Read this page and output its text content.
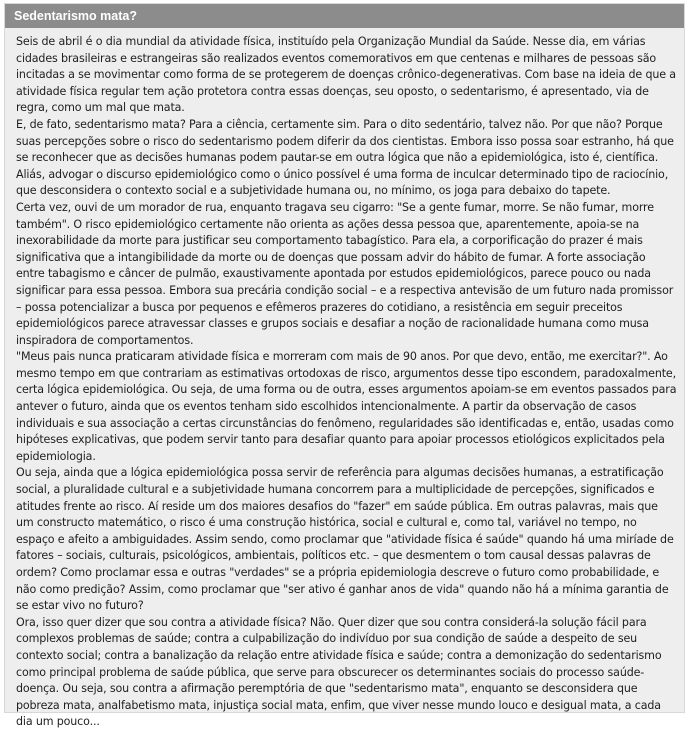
Sedentarismo mata?

Seis de abril é o dia mundial da atividade física, instituído pela Organização Mundial da Saúde. Nesse dia, em várias cidades brasileiras e estrangeiras são realizados eventos comemorativos em que centenas e milhares de pessoas são incitadas a se movimentar como forma de se protegerem de doenças crônico-degenerativas. Com base na ideia de que a atividade física regular tem ação protetora contra essas doenças, seu oposto, o sedentarismo, é apresentado, via de regra, como um mal que mata.

E, de fato, sedentarismo mata? Para a ciência, certamente sim. Para o dito sedentário, talvez não. Por que não? Porque suas percepções sobre o risco do sedentarismo podem diferir da dos cientistas. Embora isso possa soar estranho, há que se reconhecer que as decisões humanas podem pautar-se em outra lógica que não a epidemiológica, isto é, científica. Aliás, advogar o discurso epidemiológico como o único possível é uma forma de inculcar determinado tipo de raciocínio, que desconsidera o contexto social e a subjetividade humana ou, no mínimo, os joga para debaixo do tapete.

Certa vez, ouvi de um morador de rua, enquanto tragava seu cigarro: "Se a gente fumar, morre. Se não fumar, morre também". O risco epidemiológico certamente não orienta as ações dessa pessoa que, aparentemente, apoia-se na inexorabilidade da morte para justificar seu comportamento tabagístico. Para ela, a corporificação do prazer é mais significativa que a intangibilidade da morte ou de doenças que possam advir do hábito de fumar. A forte associação entre tabagismo e câncer de pulmão, exaustivamente apontada por estudos epidemiológicos, parece pouco ou nada significar para essa pessoa. Embora sua precária condição social – e a respectiva antevisão de um futuro nada promissor – possa potencializar a busca por pequenos e efêmeros prazeres do cotidiano, a resistência em seguir preceitos epidemiológicos parece atravessar classes e grupos sociais e desafiar a noção de racionalidade humana como musa inspiradora de comportamentos.

"Meus pais nunca praticaram atividade física e morreram com mais de 90 anos. Por que devo, então, me exercitar?". Ao mesmo tempo em que contrariam as estimativas ortodoxas de risco, argumentos desse tipo escondem, paradoxalmente, certa lógica epidemiológica. Ou seja, de uma forma ou de outra, esses argumentos apoiam-se em eventos passados para antever o futuro, ainda que os eventos tenham sido escolhidos intencionalmente. A partir da observação de casos individuais e sua associação a certas circunstâncias do fenômeno, regularidades são identificadas e, então, usadas como hipóteses explicativas, que podem servir tanto para desafiar quanto para apoiar processos etiológicos explicitados pela epidemiologia.

Ou seja, ainda que a lógica epidemiológica possa servir de referência para algumas decisões humanas, a estratificação social, a pluralidade cultural e a subjetividade humana concorrem para a multiplicidade de percepções, significados e atitudes frente ao risco. Aí reside um dos maiores desafios do "fazer" em saúde pública. Em outras palavras, mais que um constructo matemático, o risco é uma construção histórica, social e cultural e, como tal, variável no tempo, no espaço e afeito a ambiguidades. Assim sendo, como proclamar que "atividade física é saúde" quando há uma miríade de fatores – sociais, culturais, psicológicos, ambientais, políticos etc. – que desmentem o tom causal dessas palavras de ordem? Como proclamar essa e outras "verdades" se a própria epidemiologia descreve o futuro como probabilidade, e não como predição? Assim, como proclamar que "ser ativo é ganhar anos de vida" quando não há a mínima garantia de se estar vivo no futuro?

Ora, isso quer dizer que sou contra a atividade física? Não. Quer dizer que sou contra considerá-la solução fácil para complexos problemas de saúde; contra a culpabilização do indivíduo por sua condição de saúde a despeito de seu contexto social; contra a banalização da relação entre atividade física e saúde; contra a demonização do sedentarismo como principal problema de saúde pública, que serve para obscurecer os determinantes sociais do processo saúde-doença. Ou seja, sou contra a afirmação peremptória de que "sedentarismo mata", enquanto se desconsidera que pobreza mata, analfabetismo mata, injustiça social mata, enfim, que viver nesse mundo louco e desigual mata, a cada dia um pouco...
